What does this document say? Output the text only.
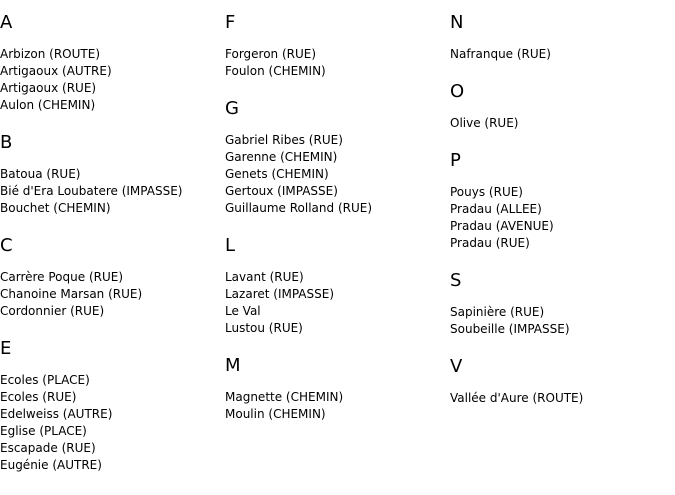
A
Arbizon (ROUTE)
Artigaoux (AUTRE)
Artigaoux (RUE)
Aulon (CHEMIN)
B
Batoua (RUE)
Bié d'Era Loubatere (IMPASSE)
Bouchet (CHEMIN)
C
Carrère Poque (RUE)
Chanoine Marsan (RUE)
Cordonnier (RUE)
E
Ecoles (PLACE)
Ecoles (RUE)
Edelweiss (AUTRE)
Eglise (PLACE)
Escapade (RUE)
Eugénie (AUTRE)
F
Forgeron (RUE)
Foulon (CHEMIN)
G
Gabriel Ribes (RUE)
Garenne (CHEMIN)
Genets (CHEMIN)
Gertoux (IMPASSE)
Guillaume Rolland (RUE)
L
Lavant (RUE)
Lazaret (IMPASSE)
Le Val
Lustou (RUE)
M
Magnette (CHEMIN)
Moulin (CHEMIN)
N
Nafranque (RUE)
O
Olive (RUE)
P
Pouys (RUE)
Pradau (ALLEE)
Pradau (AVENUE)
Pradau (RUE)
S
Sapinière (RUE)
Soubeille (IMPASSE)
V
Vallée d'Aure (ROUTE)
